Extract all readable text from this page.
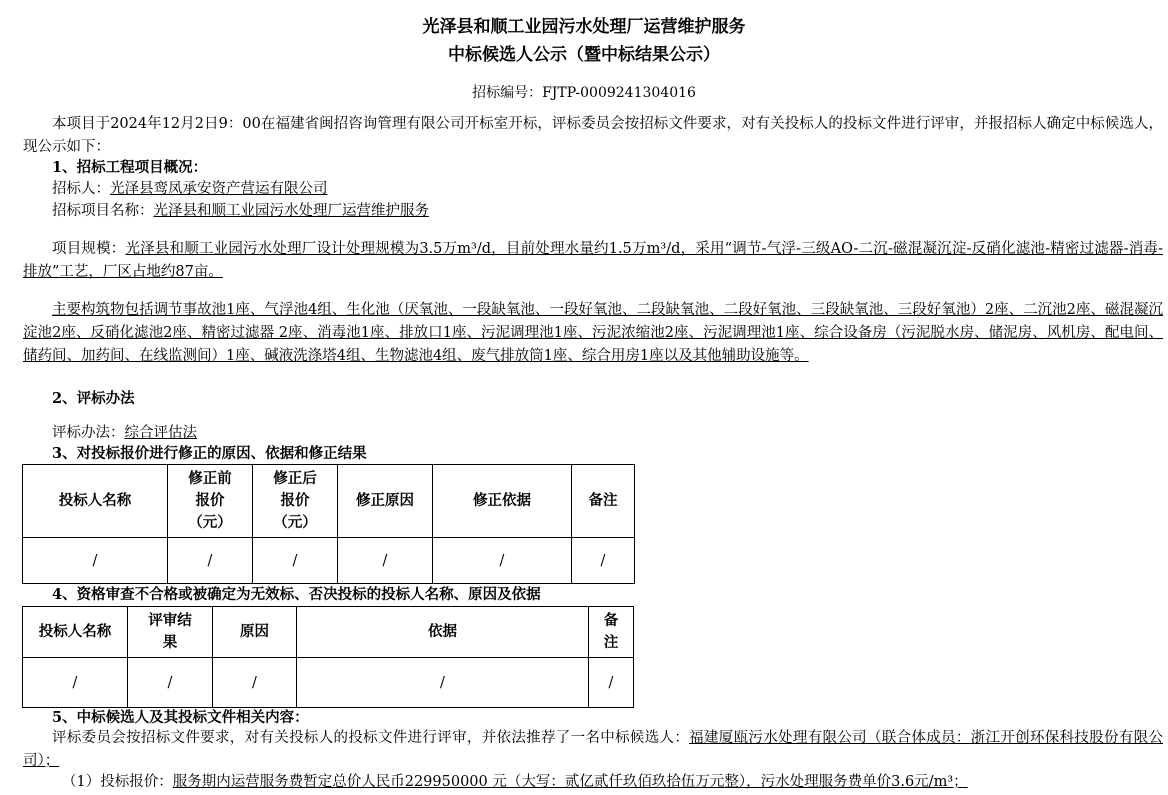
光泽县和顺工业园污水处理厂运营维护服务
中标候选人公示（暨中标结果公示）
招标编号：FJTP-0009241304016
本项目于2024年12月2日9：00在福建省闽招咨询管理有限公司开标室开标，评标委员会按招标文件要求，对有关投标人的投标文件进行评审，并报招标人确定中标候选人，现公示如下：
1、招标工程项目概况：
招标人：光泽县鸾凤承安资产营运有限公司
招标项目名称：光泽县和顺工业园污水处理厂运营维护服务
项目规模：光泽县和顺工业园污水处理厂设计处理规模为3.5万m³/d，目前处理水量约1.5万m³/d，采用“调节-气浮-三级AO-二沉-磁混凝沉淀-反硝化滤池-精密过滤器-消毒-排放”工艺，厂区占地约87亩。
主要构筑物包括调节事故池1座、气浮池4组、生化池（厌氧池、一段缺氧池、一段好氧池、二段缺氧池、二段好氧池、三段缺氧池、三段好氧池）2座、二沉池2座、磁混凝沉淀池2座、反硝化滤池2座、精密过滤器 2座、消毒池1座、排放口1座、污泥调理池1座、污泥浓缩池2座、污泥调理池1座、综合设备房（污泥脱水房、储泥房、风机房、配电间、储药间、加药间、在线监测间）1座、碱液洗涤塔4组、生物滤池4组、废气排放筒1座、综合用房1座以及其他辅助设施等。
2、评标办法
评标办法：综合评估法
3、对投标报价进行修正的原因、依据和修正结果
投标人名称	修正前
报价
（元）	修正后
报价
（元）	修正原因	修正依据	备注
/	/	/	/	/	/
4、资格审查不合格或被确定为无效标、否决投标的投标人名称、原因及依据
投标人名称	评审结
果	原因	依据	备
注
/	/	/	/	/
5、中标候选人及其投标文件相关内容：
评标委员会按招标文件要求，对有关投标人的投标文件进行评审，并依法推荐了一名中标候选人：福建厦瓯污水处理有限公司（联合体成员：浙江开创环保科技股份有限公司）；
（1）投标报价：服务期内运营服务费暂定总价人民币229950000 元（大写：贰亿贰仟玖佰玖拾伍万元整），污水处理服务费单价3.6元/m³；
